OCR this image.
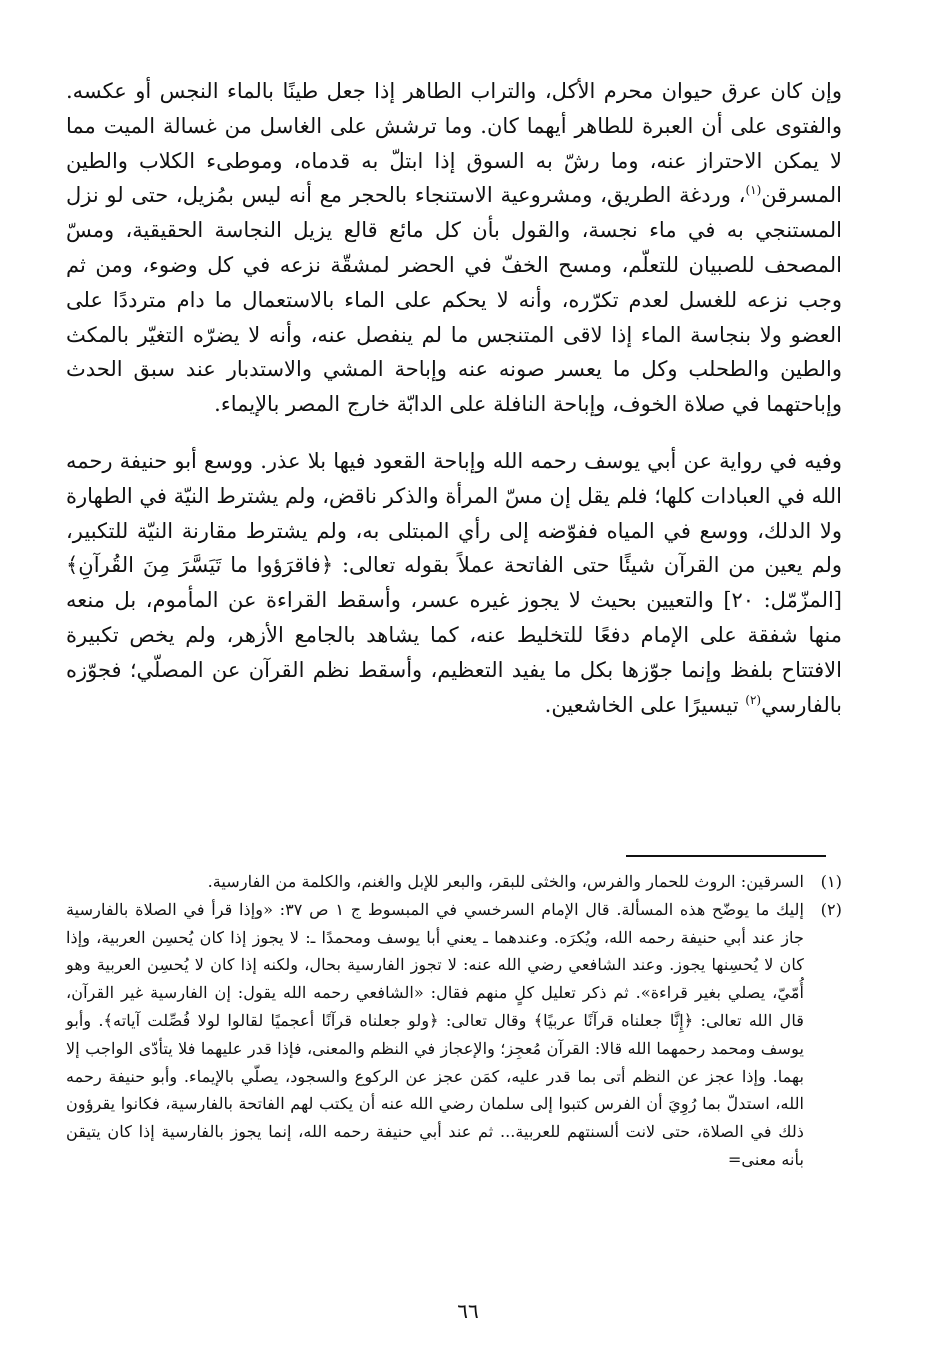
وإن كان عرق حيوان محرم الأكل، والتراب الطاهر إذا جعل طينًا بالماء النجس أو عكسه. والفتوى على أن العبرة للطاهر أيهما كان. وما ترشش على الغاسل من غسالة الميت مما لا يمكن الاحتراز عنه، وما رشّ به السوق إذا ابتلّ به قدماه، وموطىء الكلاب والطين المسرقن$^{(١)}$، وردغة الطريق، ومشروعية الاستنجاء بالحجر مع أنه ليس بمُزيل، حتى لو نزل المستنجي به في ماء نجسة، والقول بأن كل مائع قالع يزيل النجاسة الحقيقية، ومسّ المصحف للصبيان للتعلّم، ومسح الخفّ في الحضر لمشقّة نزعه في كل وضوء، ومن ثم وجب نزعه للغسل لعدم تكرّره، وأنه لا يحكم على الماء بالاستعمال ما دام مترددًا على العضو ولا بنجاسة الماء إذا لاقى المتنجس ما لم ينفصل عنه، وأنه لا يضرّه التغيّر بالمكث والطين والطحلب وكل ما يعسر صونه عنه وإباحة المشي والاستدبار عند سبق الحدث وإباحتهما في صلاة الخوف، وإباحة النافلة على الدابّة خارج المصر بالإيماء.

وفيه في رواية عن أبي يوسف رحمه الله وإباحة القعود فيها بلا عذر. ووسع أبو حنيفة رحمه الله في العبادات كلها؛ فلم يقل إن مسّ المرأة والذكر ناقض، ولم يشترط النيّة في الطهارة ولا الدلك، ووسع في المياه ففوّضه إلى رأي المبتلى به، ولم يشترط مقارنة النيّة للتكبير، ولم يعين من القرآن شيئًا حتى الفاتحة عملاً بقوله تعالى: ﴿فاقرَؤوا ما تَيَسَّرَ مِنَ القُرآنِ﴾ [المزّمّل: ٢٠] والتعيين بحيث لا يجوز غيره عسر، وأسقط القراءة عن المأموم، بل منعه منها شفقة على الإمام دفعًا للتخليط عنه، كما يشاهد بالجامع الأزهر، ولم يخص تكبيرة الافتتاح بلفظ وإنما جوّزها بكل ما يفيد التعظيم، وأسقط نظم القرآن عن المصلّي؛ فجوّزه بالفارسي$^{(٢)}$ تيسيرًا على الخاشعين.

(١)
السرقين: الروث للحمار والفرس، والخثى للبقر، والبعر للإبل والغنم، والكلمة من الفارسية.
(٢)
إليك ما يوضّح هذه المسألة. قال الإمام السرخسي في المبسوط ج ١ ص ٣٧: «وإذا قرأ في الصلاة بالفارسية جاز عند أبي حنيفة رحمه الله، ويُكرَه. وعندهما ـ يعني أبا يوسف ومحمدًا ـ: لا يجوز إذا كان يُحسِن العربية، وإذا كان لا يُحسِنها يجوز. وعند الشافعي رضي الله عنه: لا تجوز الفارسية بحال، ولكنه إذا كان لا يُحسِن العربية وهو أُمّيّ، يصلي بغير قراءة». ثم ذكر تعليل كلٍ منهم فقال: «الشافعي رحمه الله يقول: إن الفارسية غير القرآن، قال الله تعالى: ﴿إِنَّا جعلناه قرآنًا عربيًا﴾ وقال تعالى: ﴿ولو جعلناه قرآنًا أعجميًا لقالوا لولا فُصِّلت آياته﴾. وأبو يوسف ومحمد رحمهما الله قالا: القرآن مُعجِز؛ والإعجاز في النظم والمعنى، فإذا قدر عليهما فلا يتأدّى الواجب إلا بهما. وإذا عجز عن النظم أتى بما قدر عليه، كمَن عجز عن الركوع والسجود، يصلّي بالإيماء. وأبو حنيفة رحمه الله، استدلّ بما رُوِيَ أن الفرس كتبوا إلى سلمان رضي الله عنه أن يكتب لهم الفاتحة بالفارسية، فكانوا يقرؤون ذلك في الصلاة، حتى لانت ألسنتهم للعربية... ثم عند أبي حنيفة رحمه الله، إنما يجوز بالفارسية إذا كان يتيقن بأنه معنى=
٦٦
